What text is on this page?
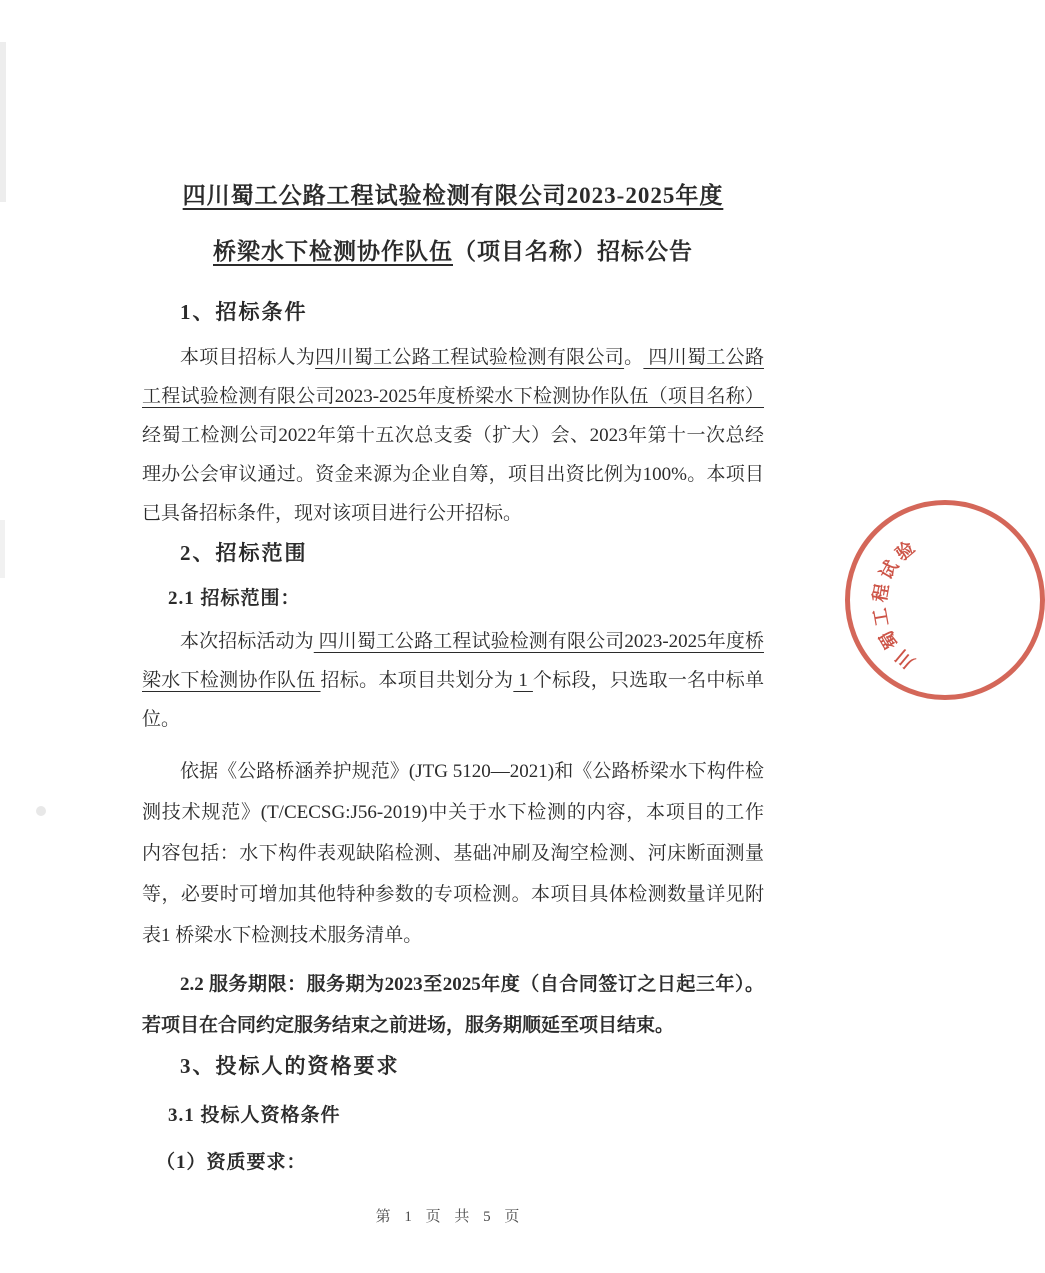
四川蜀工公路工程试验检测有限公司2023-2025年度
桥梁水下检测协作队伍（项目名称）招标公告
1、招标条件

本项目招标人为四川蜀工公路工程试验检测有限公司。 四川蜀工公路工程试验检测有限公司2023-2025年度桥梁水下检测协作队伍（项目名称）经蜀工检测公司2022年第十五次总支委（扩大）会、2023年第十一次总经理办公会审议通过。资金来源为企业自筹，项目出资比例为100%。本项目已具备招标条件，现对该项目进行公开招标。

2、招标范围
2.1 招标范围：

本次招标活动为 四川蜀工公路工程试验检测有限公司2023-2025年度桥梁水下检测协作队伍 招标。本项目共划分为 1 个标段，只选取一名中标单位。

依据《公路桥涵养护规范》(JTG 5120—2021)和《公路桥梁水下构件检测技术规范》(T/CECSG:J56-2019)中关于水下检测的内容，本项目的工作内容包括：水下构件表观缺陷检测、基础冲刷及淘空检测、河床断面测量等，必要时可增加其他特种参数的专项检测。本项目具体检测数量详见附表1 桥梁水下检测技术服务清单。

2.2 服务期限：服务期为2023至2025年度（自合同签订之日起三年）。若项目在合同约定服务结束之前进场，服务期顺延至项目结束。

3、投标人的资格要求
3.1 投标人资格条件
（1）资质要求：
川
蜀
工
程
试
验
第 1 页 共 5 页
